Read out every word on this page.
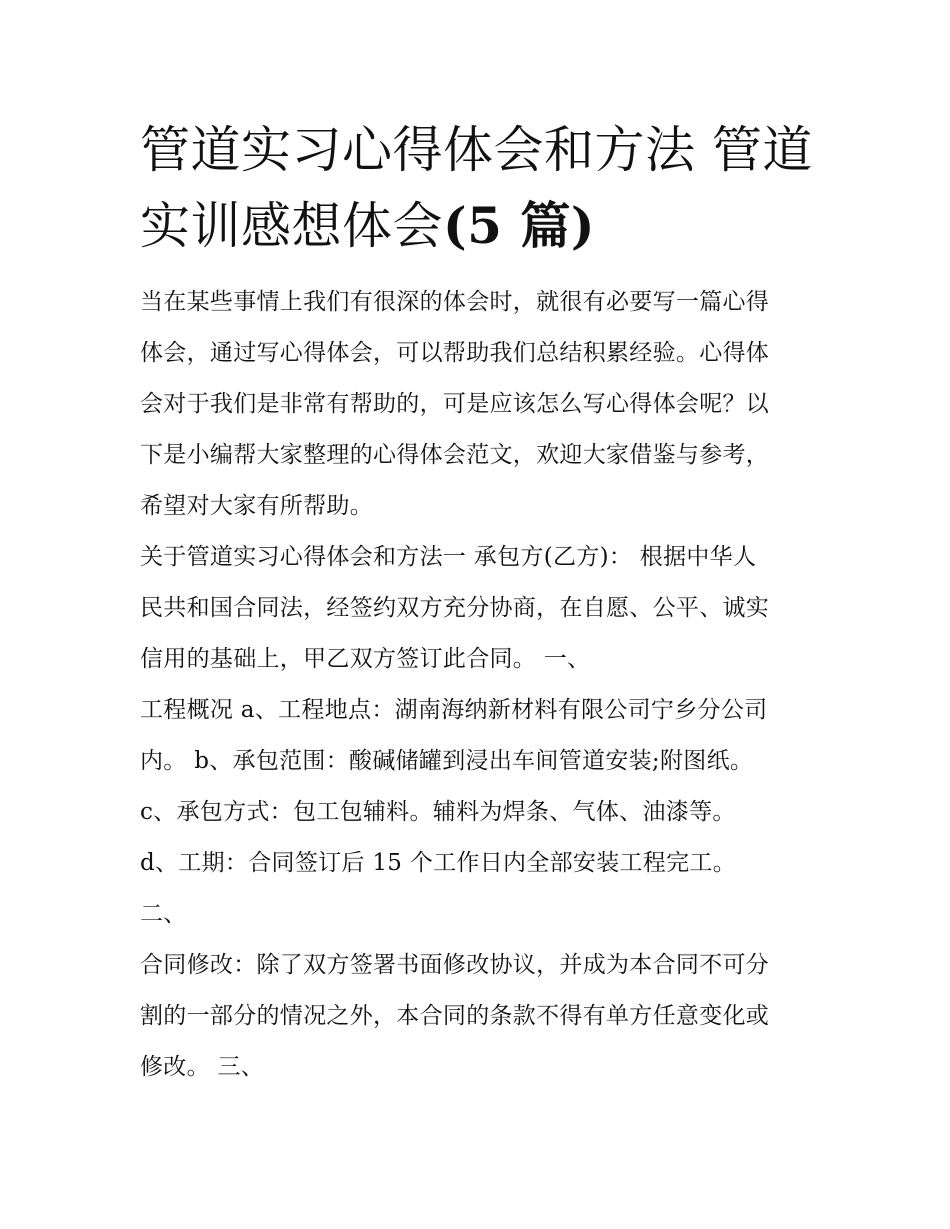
管道实习心得体会和方法 管道
实训感想体会(5 篇)

当在某些事情上我们有很深的体会时，就很有必要写一篇心得
体会，通过写心得体会，可以帮助我们总结积累经验。心得体
会对于我们是非常有帮助的，可是应该怎么写心得体会呢？以
下是小编帮大家整理的心得体会范文，欢迎大家借鉴与参考，
希望对大家有所帮助。

关于管道实习心得体会和方法一 承包方(乙方)： 根据中华人
民共和国合同法，经签约双方充分协商，在自愿、公平、诚实
信用的基础上，甲乙双方签订此合同。 一、

工程概况 a、工程地点：湖南海纳新材料有限公司宁乡分公司
内。 b、承包范围：酸碱储罐到浸出车间管道安装;附图纸。
c、承包方式：包工包辅料。辅料为焊条、气体、油漆等。
d、工期：合同签订后 15 个工作日内全部安装工程完工。

二、

合同修改：除了双方签署书面修改协议，并成为本合同不可分
割的一部分的情况之外，本合同的条款不得有单方任意变化或
修改。 三、
